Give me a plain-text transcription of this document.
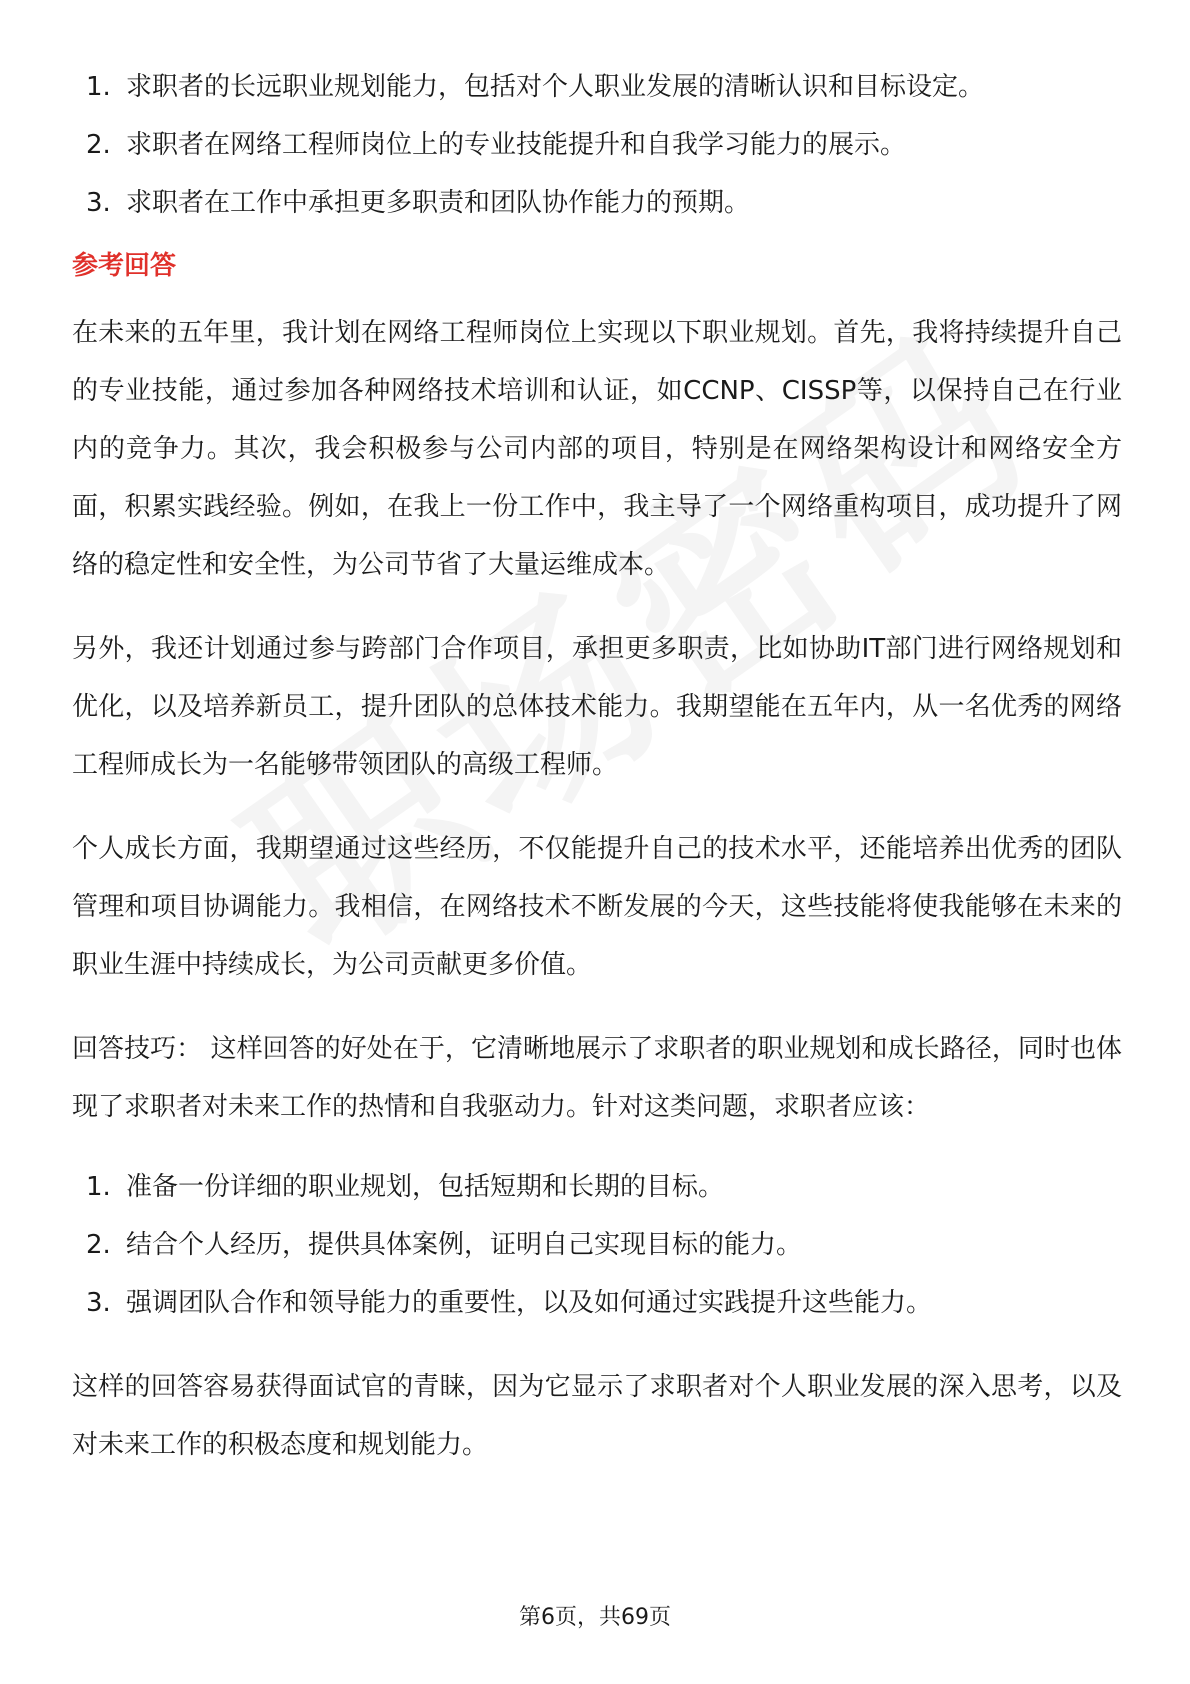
1. 求职者的长远职业规划能力，包括对个人职业发展的清晰认识和目标设定。
2. 求职者在网络工程师岗位上的专业技能提升和自我学习能力的展示。
3. 求职者在工作中承担更多职责和团队协作能力的预期。
参考回答

在未来的五年里，我计划在网络工程师岗位上实现以下职业规划。首先，我将持续提升自己的专业技能，通过参加各种网络技术培训和认证，如CCNP、CISSP等，以保持自己在行业内的竞争力。其次，我会积极参与公司内部的项目，特别是在网络架构设计和网络安全方面，积累实践经验。例如，在我上一份工作中，我主导了一个网络重构项目，成功提升了网络的稳定性和安全性，为公司节省了大量运维成本。

另外，我还计划通过参与跨部门合作项目，承担更多职责，比如协助IT部门进行网络规划和优化，以及培养新员工，提升团队的总体技术能力。我期望能在五年内，从一名优秀的网络工程师成长为一名能够带领团队的高级工程师。

个人成长方面，我期望通过这些经历，不仅能提升自己的技术水平，还能培养出优秀的团队管理和项目协调能力。我相信，在网络技术不断发展的今天，这些技能将使我能够在未来的职业生涯中持续成长，为公司贡献更多价值。

回答技巧： 这样回答的好处在于，它清晰地展示了求职者的职业规划和成长路径，同时也体现了求职者对未来工作的热情和自我驱动力。针对这类问题，求职者应该：

1. 准备一份详细的职业规划，包括短期和长期的目标。
2. 结合个人经历，提供具体案例，证明自己实现目标的能力。
3. 强调团队合作和领导能力的重要性，以及如何通过实践提升这些能力。

这样的回答容易获得面试官的青睐，因为它显示了求职者对个人职业发展的深入思考，以及对未来工作的积极态度和规划能力。

第6页，共69页
